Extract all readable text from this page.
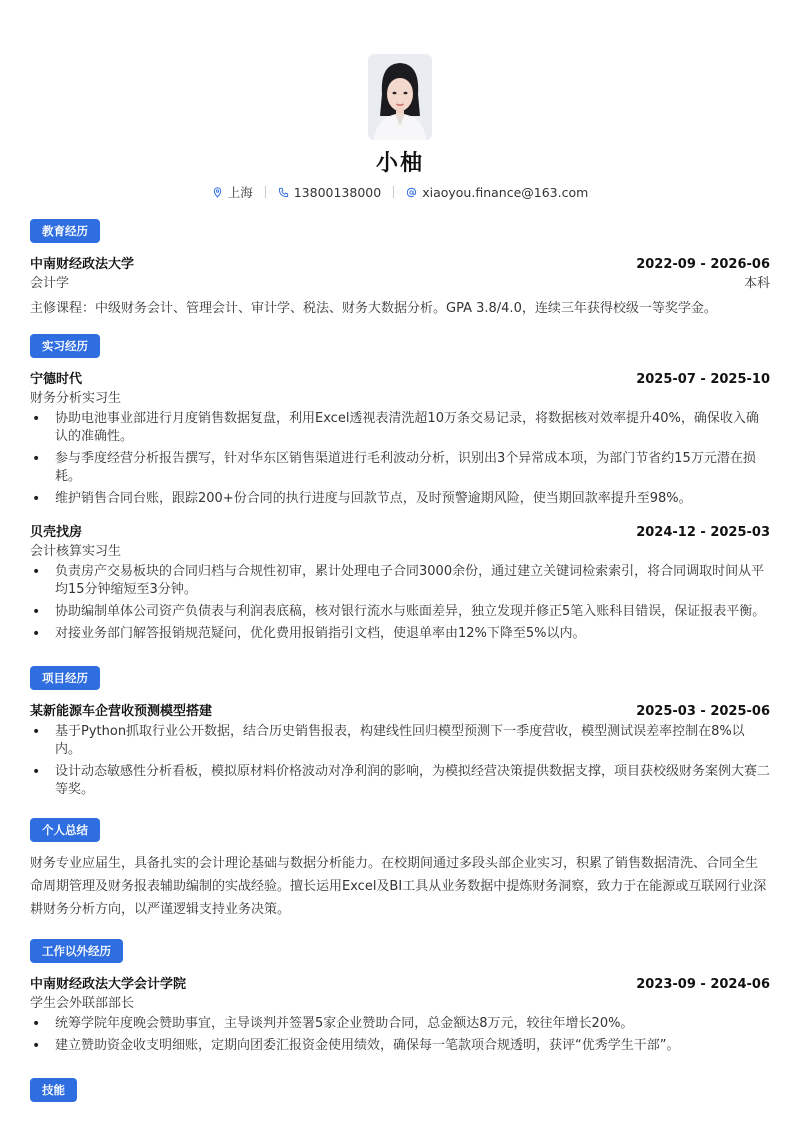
小柚
上海	13800138000	xiaoyou.finance@163.com
教育经历
中南财经政法大学	2022-09 - 2026-06
会计学	本科
主修课程：中级财务会计、管理会计、审计学、税法、财务大数据分析。GPA 3.8/4.0，连续三年获得校级一等奖学金。
实习经历
宁德时代	2025-07 - 2025-10
财务分析实习生
• 协助电池事业部进行月度销售数据复盘，利用Excel透视表清洗超10万条交易记录，将数据核对效率提升40%，确保收入确认的准确性。
• 参与季度经营分析报告撰写，针对华东区销售渠道进行毛利波动分析，识别出3个异常成本项，为部门节省约15万元潜在损耗。
• 维护销售合同台账，跟踪200+份合同的执行进度与回款节点，及时预警逾期风险，使当期回款率提升至98%。
贝壳找房	2024-12 - 2025-03
会计核算实习生
• 负责房产交易板块的合同归档与合规性初审，累计处理电子合同3000余份，通过建立关键词检索索引，将合同调取时间从平均15分钟缩短至3分钟。
• 协助编制单体公司资产负债表与利润表底稿，核对银行流水与账面差异，独立发现并修正5笔入账科目错误，保证报表平衡。
• 对接业务部门解答报销规范疑问，优化费用报销指引文档，使退单率由12%下降至5%以内。
项目经历
某新能源车企营收预测模型搭建	2025-03 - 2025-06
• 基于Python抓取行业公开数据，结合历史销售报表，构建线性回归模型预测下一季度营收，模型测试误差率控制在8%以内。
• 设计动态敏感性分析看板，模拟原材料价格波动对净利润的影响，为模拟经营决策提供数据支撑，项目获校级财务案例大赛二等奖。
个人总结
财务专业应届生，具备扎实的会计理论基础与数据分析能力。在校期间通过多段头部企业实习，积累了销售数据清洗、合同全生命周期管理及财务报表辅助编制的实战经验。擅长运用Excel及BI工具从业务数据中提炼财务洞察，致力于在能源或互联网行业深耕财务分析方向，以严谨逻辑支持业务决策。
工作以外经历
中南财经政法大学会计学院	2023-09 - 2024-06
学生会外联部部长
• 统筹学院年度晚会赞助事宜，主导谈判并签署5家企业赞助合同，总金额达8万元，较往年增长20%。
• 建立赞助资金收支明细账，定期向团委汇报资金使用绩效，确保每一笔款项合规透明，获评“优秀学生干部”。
技能
